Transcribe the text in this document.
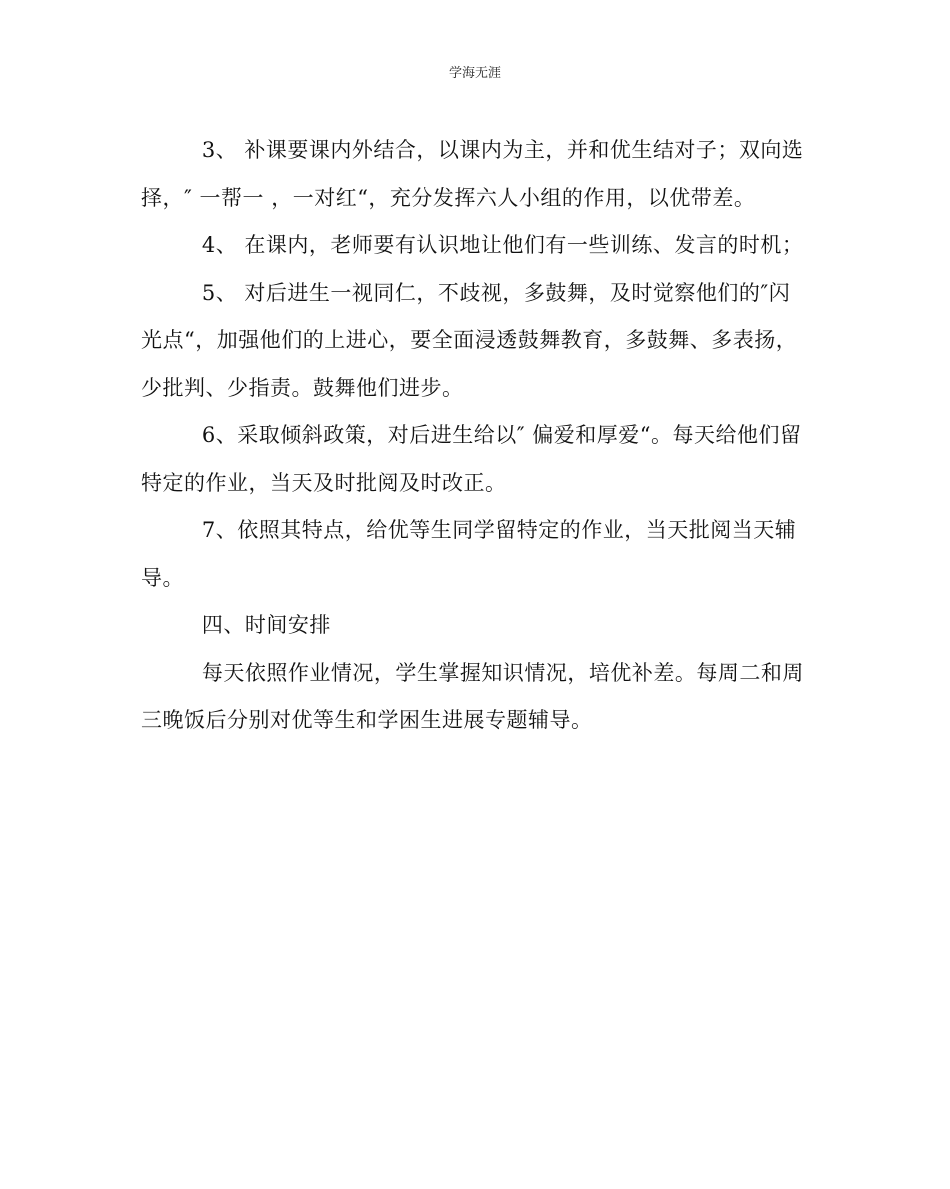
学海无涯

3、 补课要课内外结合，以课内为主，并和优生结对子；双向选择，″ 一帮一 ，一对红“，充分发挥六人小组的作用，以优带差。

4、 在课内，老师要有认识地让他们有一些训练、发言的时机；

5、 对后进生一视同仁，不歧视，多鼓舞，及时觉察他们的″闪光点“，加强他们的上进心，要全面浸透鼓舞教育，多鼓舞、多表扬，    少批判、少指责。鼓舞他们进步。

6、采取倾斜政策，对后进生给以″ 偏爱和厚爱“。每天给他们留特定的作业，当天及时批阅及时改正。

7、依照其特点，给优等生同学留特定的作业，当天批阅当天辅导。

四、时间安排

每天依照作业情况，学生掌握知识情况，培优补差。每周二和周三晚饭后分别对优等生和学困生进展专题辅导。
